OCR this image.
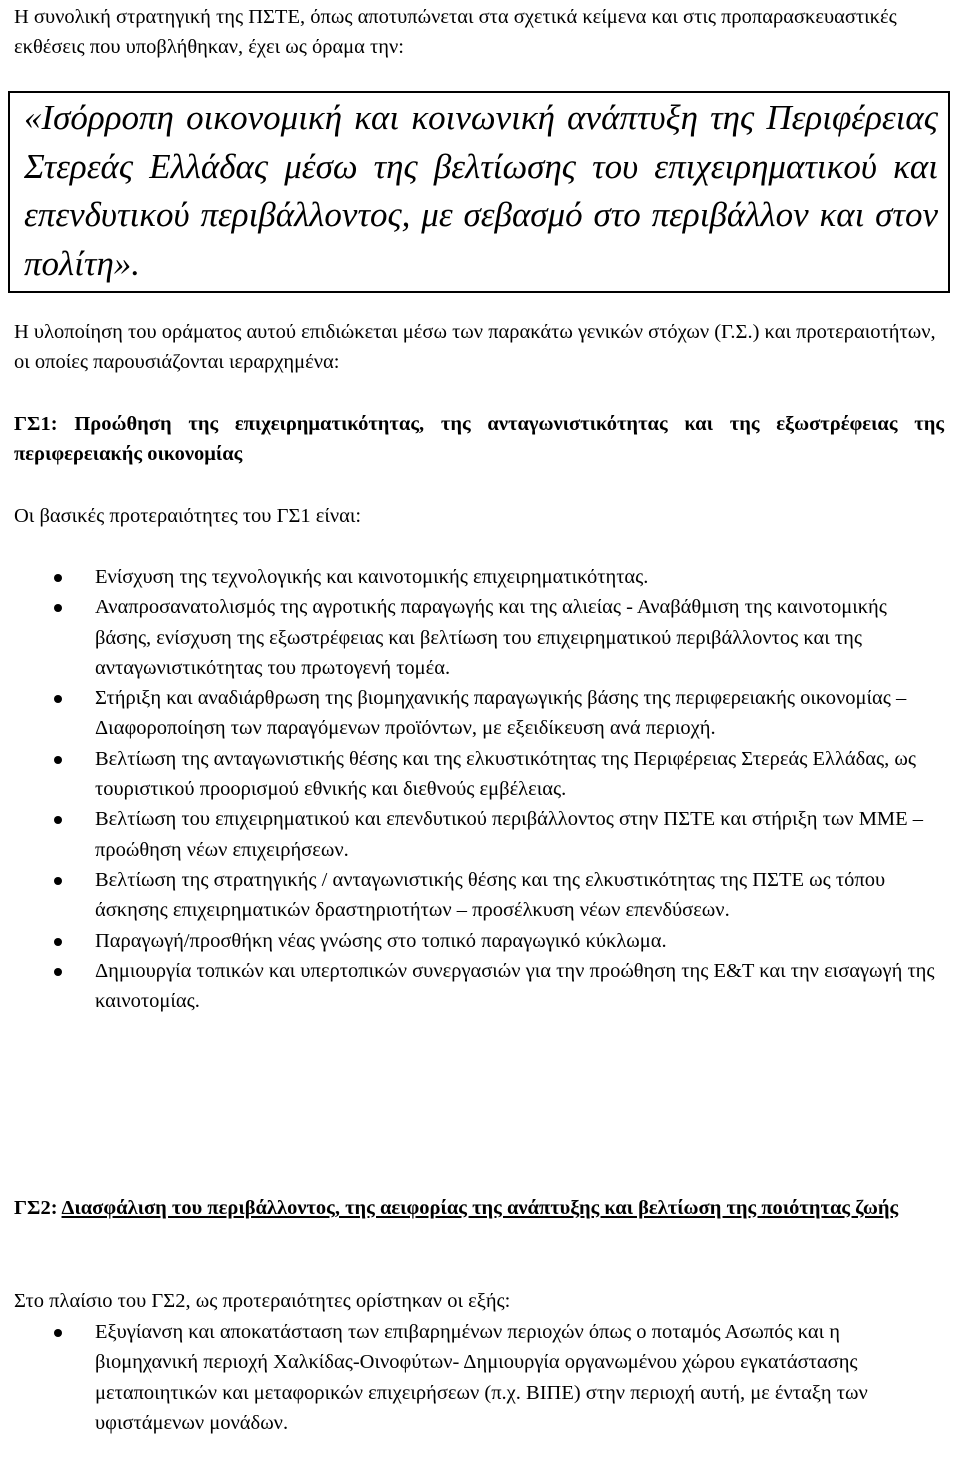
Η συνολική στρατηγική της ΠΣΤΕ, όπως αποτυπώνεται στα σχετικά κείμενα και στις προπαρασκευαστικές εκθέσεις που υποβλήθηκαν, έχει ως όραμα την:

«Ισόρροπη οικονομική και κοινωνική ανάπτυξη της Περιφέρειας Στερεάς Ελλάδας μέσω της βελτίωσης του επιχειρηματικού και επενδυτικού περιβάλλοντος, με σεβασμό στο περιβάλλον και στον πολίτη».

Η υλοποίηση του οράματος αυτού επιδιώκεται μέσω των παρακάτω γενικών στόχων (Γ.Σ.) και προτεραιοτήτων, οι οποίες παρουσιάζονται ιεραρχημένα:

ΓΣ1: Προώθηση της επιχειρηματικότητας, της ανταγωνιστικότητας και της εξωστρέφειας της περιφερειακής οικονομίας

Οι βασικές προτεραιότητες του ΓΣ1 είναι:

Ενίσχυση της τεχνολογικής και καινοτομικής επιχειρηματικότητας.
Αναπροσανατολισμός της αγροτικής παραγωγής και της αλιείας - Αναβάθμιση της καινοτομικής βάσης, ενίσχυση της εξωστρέφειας και βελτίωση του επιχειρηματικού περιβάλλοντος και της ανταγωνιστικότητας του πρωτογενή τομέα.
Στήριξη και αναδιάρθρωση της βιομηχανικής παραγωγικής βάσης της περιφερειακής οικονομίας – Διαφοροποίηση των παραγόμενων προϊόντων, με εξειδίκευση ανά περιοχή.
Βελτίωση της ανταγωνιστικής θέσης και της ελκυστικότητας της Περιφέρειας Στερεάς Ελλάδας, ως τουριστικού προορισμού εθνικής και διεθνούς εμβέλειας.
Βελτίωση του επιχειρηματικού και επενδυτικού περιβάλλοντος στην ΠΣΤΕ και στήριξη των ΜΜΕ – προώθηση νέων επιχειρήσεων.
Βελτίωση της στρατηγικής / ανταγωνιστικής θέσης και της ελκυστικότητας της ΠΣΤΕ ως τόπου άσκησης επιχειρηματικών δραστηριοτήτων – προσέλκυση νέων επενδύσεων.
Παραγωγή/προσθήκη νέας γνώσης στο τοπικό παραγωγικό κύκλωμα.
Δημιουργία τοπικών και υπερτοπικών συνεργασιών για την προώθηση της Ε&Τ και την εισαγωγή της καινοτομίας.

ΓΣ2: Διασφάλιση του περιβάλλοντος, της αειφορίας της ανάπτυξης και βελτίωση της ποιότητας ζωής

Στο πλαίσιο του ΓΣ2, ως προτεραιότητες ορίστηκαν οι εξής:

Εξυγίανση και αποκατάσταση των επιβαρημένων περιοχών όπως ο ποταμός Ασωπός και η βιομηχανική περιοχή Χαλκίδας-Οινοφύτων- Δημιουργία οργανωμένου χώρου εγκατάστασης μεταποιητικών και μεταφορικών επιχειρήσεων (π.χ. ΒΙΠΕ) στην περιοχή αυτή, με ένταξη των υφιστάμενων μονάδων.
